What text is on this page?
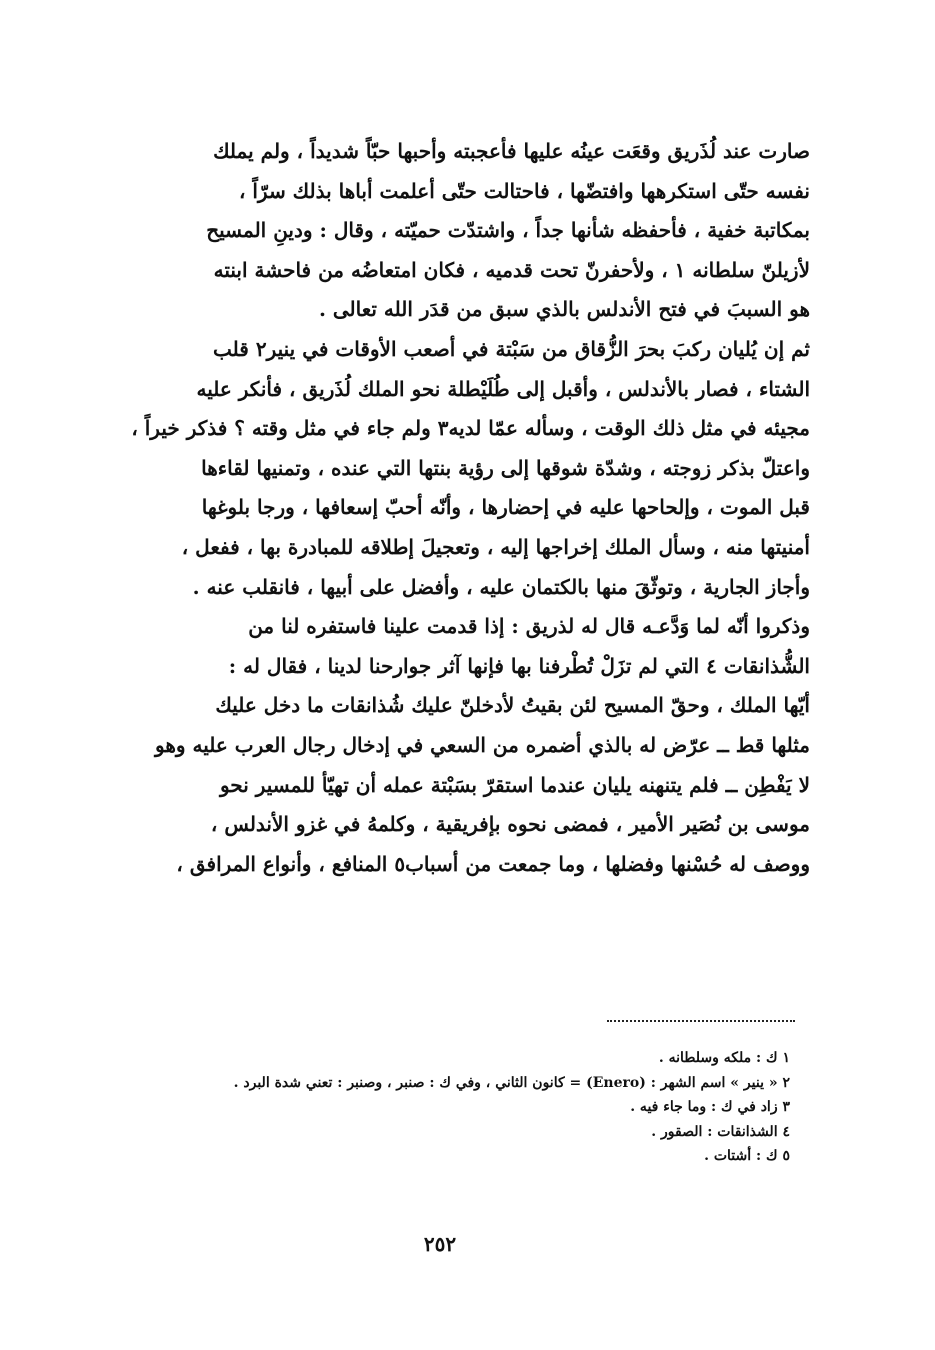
صارت عند لُذَريق وقعَت عينُه عليها فأعجبته وأحبها حبّاً شديداً ، ولم يملك
نفسه حتّى استكرهها وافتضّها ، فاحتالت حتّى أعلمت أباها بذلك سرّاً ،
بمكاتبة خفية ، فأحفظه شأنها جداً ، واشتدّت حميّته ، وقال : ودينِ المسيح
لأزيلنّ سلطانه ١ ، ولأحفرنّ تحت قدميه ، فكان امتعاضُه من فاحشة ابنته
هو السببَ في فتح الأندلس بالذي سبق من قدَر الله تعالى .

ثم إن يُليان ركبَ بحرَ الزُّقاق من سَبْتة في أصعب الأوقات في ينير٢ قلب
الشتاء ، فصار بالأندلس ، وأقبل إلى طُلَيْطلة نحو الملك لُذَريق ، فأنكر عليه
مجيئه في مثل ذلك الوقت ، وسأله عمّا لديه٣ ولم جاء في مثل وقته ؟ فذكر خيراً ،
واعتلّ بذكر زوجته ، وشدّة شوقها إلى رؤية بنتها التي عنده ، وتمنيها لقاءها
قبل الموت ، وإلحاحها عليه في إحضارها ، وأنّه أحبّ إسعافها ، ورجا بلوغها
أمنيتها منه ، وسأل الملك إخراجها إليه ، وتعجيلَ إطلاقه للمبادرة بها ، ففعل ،
وأجاز الجارية ، وتوثّقَ منها بالكتمان عليه ، وأفضل على أبيها ، فانقلب عنه .
وذكروا أنّه لما وَدَّعـه قال له لذريق : إذا قدمت علينا فاستفره لنا من
الشُّذانقات ٤ التي لم تزَلْ تُطْرفنا بها فإنها آثر جوارحنا لدينا ، فقال له :
أيّها الملك ، وحقّ المسيح لئن بقيتُ لأدخلنّ عليك شُذانقات ما دخل عليك
مثلها قط ــ عرّض له بالذي أضمره من السعي في إدخال رجال العرب عليه وهو
لا يَفْطِن ــ فلم يتنهنه يليان عندما استقرّ بسَبْتة عمله أن تهيّأ للمسير نحو
موسى بن نُصَير الأمير ، فمضى نحوه بإفريقية ، وكلمهُ في غزو الأندلس ،
ووصف له حُسْنها وفضلها ، وما جمعت من أسباب٥ المنافع ، وأنواع المرافق ،

١ ك : ملكه وسلطانه .

٢ « ينير » اسم الشهر : (Enero) = كانون الثاني ، وفي ك : صنبر ، وصنبر : تعني شدة البرد .

٣ زاد في ك : وما جاء فيه .

٤ الشذانقات : الصقور .

٥ ك : أشتات .

٢٥٢
